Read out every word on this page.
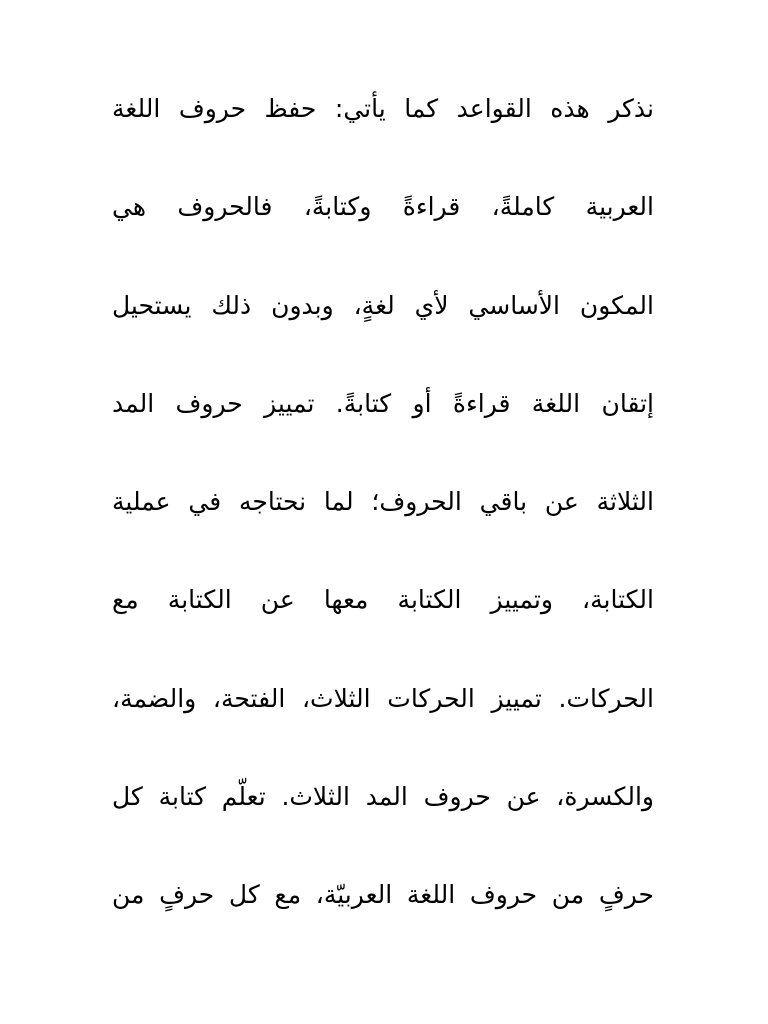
نذكر هذه القواعد كما يأتي: حفظ حروف اللغة
العربية كاملةً، قراءةً وكتابةً، فالحروف هي
المكون الأساسي لأي لغةٍ، وبدون ذلك يستحيل
إتقان اللغة قراءةً أو كتابةً. تمييز حروف المد
الثلاثة عن باقي الحروف؛ لما نحتاجه في عملية
الكتابة، وتمييز الكتابة معها عن الكتابة مع
الحركات. تمييز الحركات الثلاث، الفتحة، والضمة،
والكسرة، عن حروف المد الثلاث. تعلّم كتابة كل
حرفٍ من حروف اللغة العربيّة، مع كل حرفٍ من
